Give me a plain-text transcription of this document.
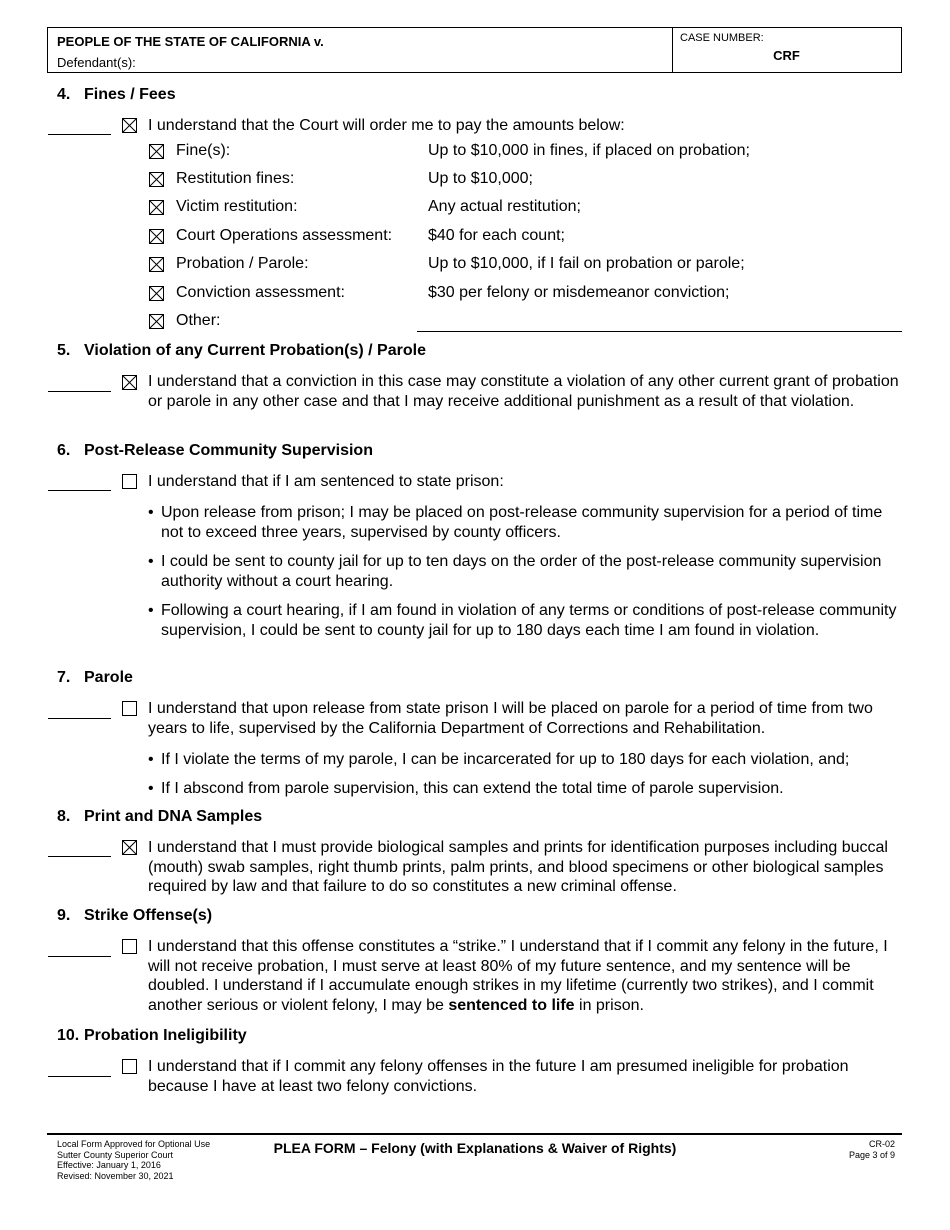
PEOPLE OF THE STATE OF CALIFORNIA v.
Defendant(s):
CASE NUMBER:
CRF
4. Fines / Fees
I understand that the Court will order me to pay the amounts below:
Fine(s):	Up to $10,000 in fines, if placed on probation;
Restitution fines:	Up to $10,000;
Victim restitution:	Any actual restitution;
Court Operations assessment: $40 for each count;
Probation / Parole:	Up to $10,000, if I fail on probation or parole;
Conviction assessment:	$30 per felony or misdemeanor conviction;
Other:
5. Violation of any Current Probation(s) / Parole
I understand that a conviction in this case may constitute a violation of any other current grant of probation or parole in any other case and that I may receive additional punishment as a result of that violation.
6. Post-Release Community Supervision
I understand that if I am sentenced to state prison:
• Upon release from prison; I may be placed on post-release community supervision for a period of time not to exceed three years, supervised by county officers.
• I could be sent to county jail for up to ten days on the order of the post-release community supervision authority without a court hearing.
• Following a court hearing, if I am found in violation of any terms or conditions of post-release community supervision, I could be sent to county jail for up to 180 days each time I am found in violation.
7. Parole
I understand that upon release from state prison I will be placed on parole for a period of time from two years to life, supervised by the California Department of Corrections and Rehabilitation.
• If I violate the terms of my parole, I can be incarcerated for up to 180 days for each violation, and;
• If I abscond from parole supervision, this can extend the total time of parole supervision.
8. Print and DNA Samples
I understand that I must provide biological samples and prints for identification purposes including buccal (mouth) swab samples, right thumb prints, palm prints, and blood specimens or other biological samples required by law and that failure to do so constitutes a new criminal offense.
9. Strike Offense(s)
I understand that this offense constitutes a “strike.” I understand that if I commit any felony in the future, I will not receive probation, I must serve at least 80% of my future sentence, and my sentence will be doubled. I understand if I accumulate enough strikes in my lifetime (currently two strikes), and I commit another serious or violent felony, I may be sentenced to life in prison.
10. Probation Ineligibility
I understand that if I commit any felony offenses in the future I am presumed ineligible for probation because I have at least two felony convictions.
Local Form Approved for Optional Use
Sutter County Superior Court
Effective: January 1, 2016
Revised: November 30, 2021
PLEA FORM – Felony (with Explanations & Waiver of Rights)	CR-02
Page 3 of 9
